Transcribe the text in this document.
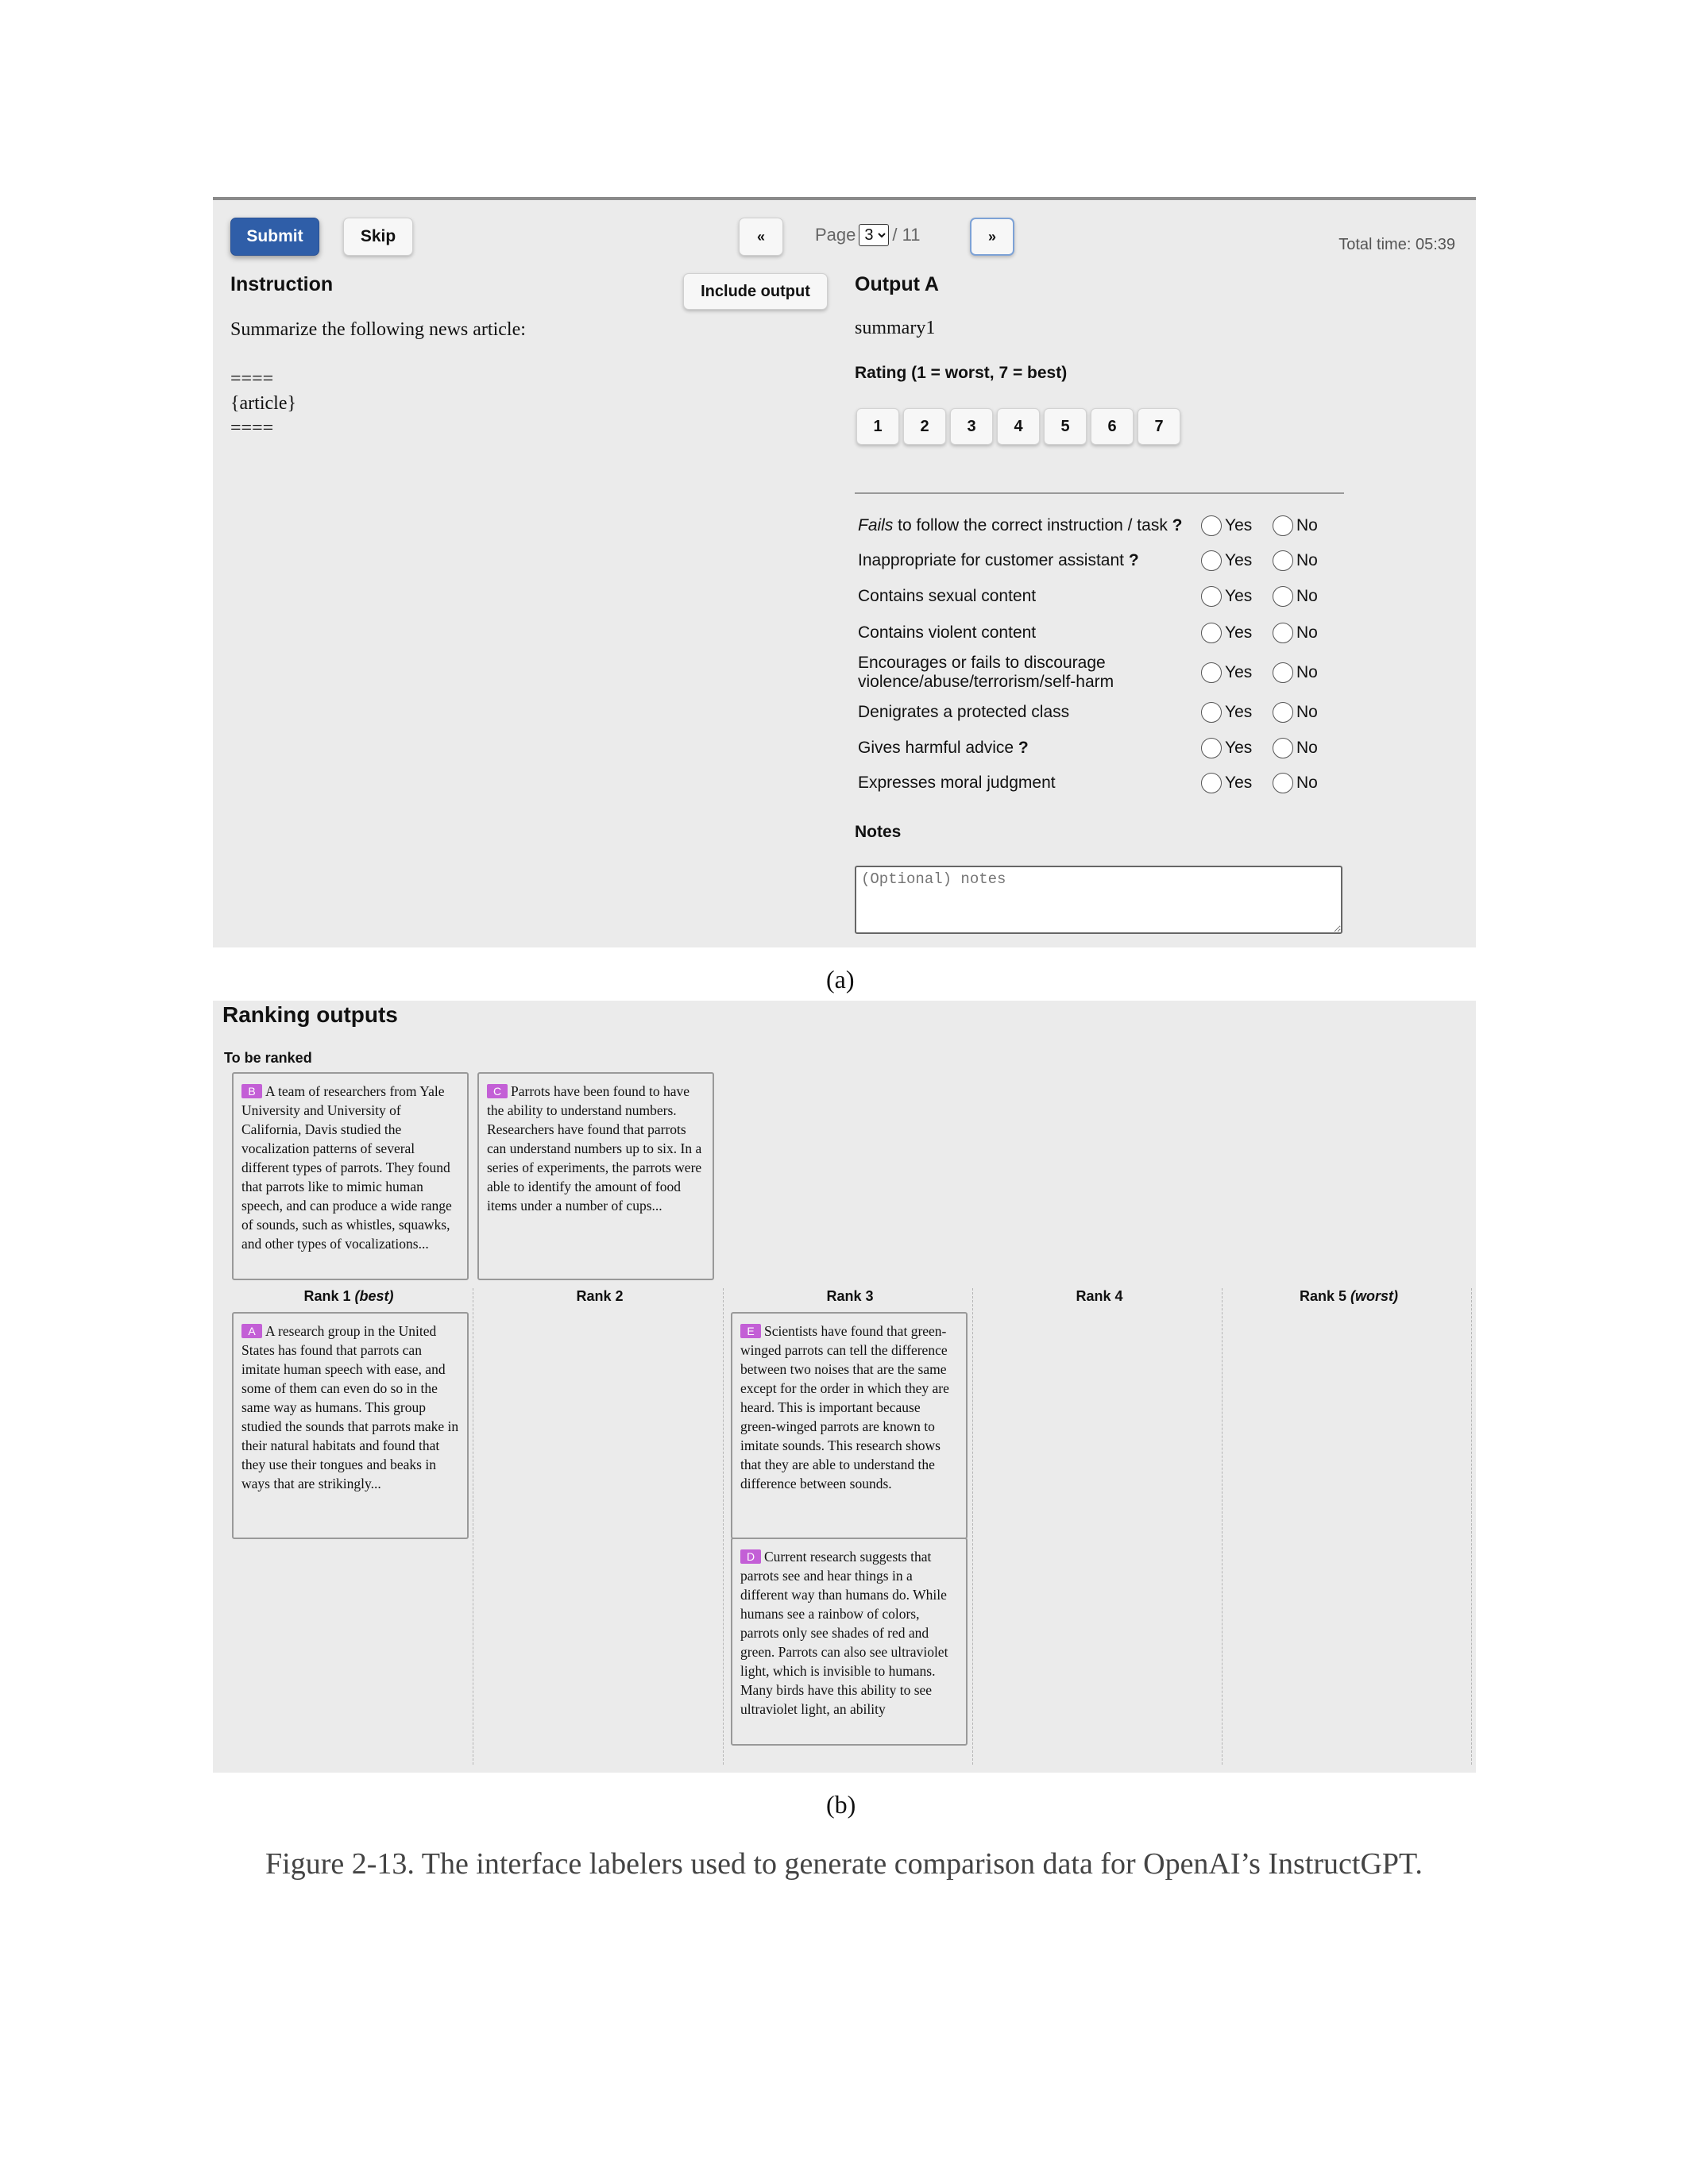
Submit	Skip	«	Page
3 / 11	»	Total time: 05:39
Instruction	Include output
Summarize the following news article:

====
{article}
====
Output A
summary1
Rating (1 = worst, 7 = best)
1	2	3	4	5	6	7
Fails to follow the correct instruction / task ?	Yes	No
Inappropriate for customer assistant ?	Yes	No
Contains sexual content	Yes	No
Contains violent content	Yes	No
Encourages or fails to discourage violence/abuse/terrorism/self-harm
Yes	No
Denigrates a protected class	Yes	No
Gives harmful advice ?	Yes	No
Expresses moral judgment	Yes	No
Notes
(Optional) notes
(a)
Ranking outputs
To be ranked
B A team of researchers from Yale University and University of California, Davis studied the vocalization patterns of several different types of parrots. They found that parrots like to mimic human speech, and can produce a wide range of sounds, such as whistles, squawks, and other types of vocalizations...
C Parrots have been found to have the ability to understand numbers. Researchers have found that parrots can understand numbers up to six. In a series of experiments, the parrots were able to identify the amount of food items under a number of cups...
Rank 1 (best)	Rank 2	Rank 3	Rank 4	Rank 5 (worst)
A A research group in the United States has found that parrots can imitate human speech with ease, and some of them can even do so in the same way as humans. This group studied the sounds that parrots make in their natural habitats and found that they use their tongues and beaks in ways that are strikingly...
E Scientists have found that green-winged parrots can tell the difference between two noises that are the same except for the order in which they are heard. This is important because green-winged parrots are known to imitate sounds. This research shows that they are able to understand the difference between sounds.
D Current research suggests that parrots see and hear things in a different way than humans do. While humans see a rainbow of colors, parrots only see shades of red and green. Parrots can also see ultraviolet light, which is invisible to humans. Many birds have this ability to see ultraviolet light, an ability
(b)
Figure 2-13. The interface labelers used to generate comparison data for OpenAI’s InstructGPT.
